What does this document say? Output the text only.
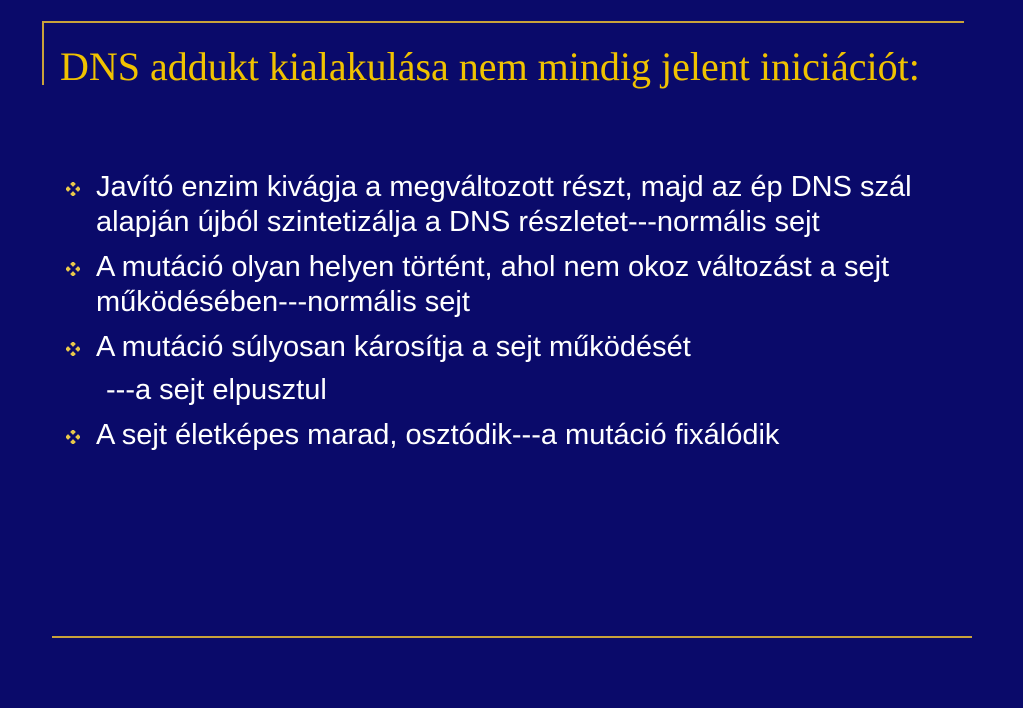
DNS addukt kialakulása nem mindig jelent iniciációt:
Javító enzim kivágja a megváltozott részt, majd az ép DNS szál alapján újból szintetizálja a DNS részletet---normális sejt
A mutáció olyan helyen történt, ahol nem okoz változást a sejt működésében---normális sejt
A mutáció súlyosan károsítja a sejt működését
---a sejt elpusztul
A sejt életképes marad, osztódik---a mutáció fixálódik
